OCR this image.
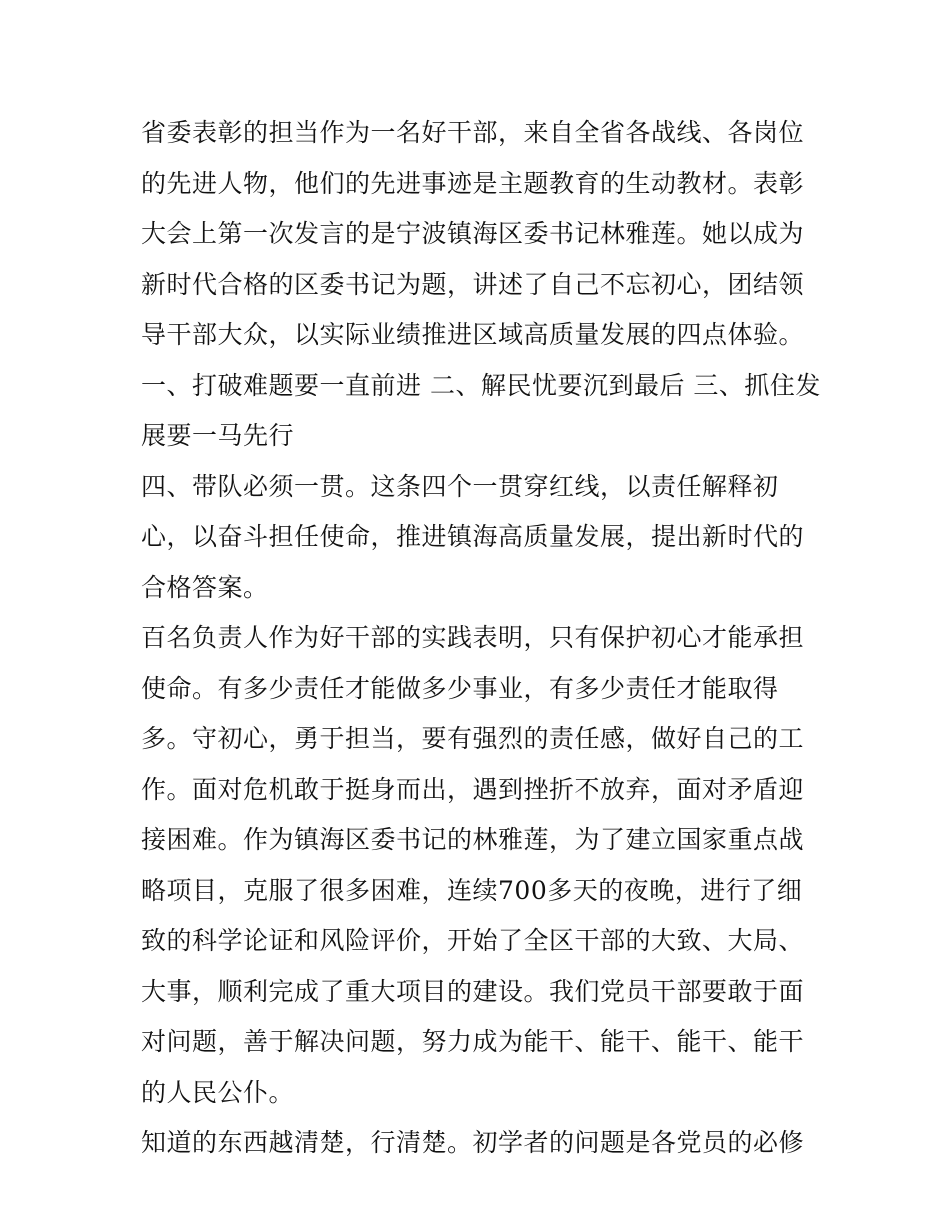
省委表彰的担当作为一名好干部，来自全省各战线、各岗位的先进人物，他们的先进事迹是主题教育的生动教材。表彰大会上第一次发言的是宁波镇海区委书记林雅莲。她以成为新时代合格的区委书记为题，讲述了自己不忘初心，团结领导干部大众，以实际业绩推进区域高质量发展的四点体验。

一、打破难题要一直前进 二、解民忧要沉到最后 三、抓住发展要一马先行

四、带队必须一贯。这条四个一贯穿红线，以责任解释初心，以奋斗担任使命，推进镇海高质量发展，提出新时代的合格答案。

百名负责人作为好干部的实践表明，只有保护初心才能承担使命。有多少责任才能做多少事业，有多少责任才能取得多。守初心，勇于担当，要有强烈的责任感，做好自己的工作。面对危机敢于挺身而出，遇到挫折不放弃，面对矛盾迎接困难。作为镇海区委书记的林雅莲，为了建立国家重点战略项目，克服了很多困难，连续700多天的夜晚，进行了细致的科学论证和风险评价，开始了全区干部的大致、大局、大事，顺利完成了重大项目的建设。我们党员干部要敢于面对问题，善于解决问题，努力成为能干、能干、能干、能干的人民公仆。

知道的东西越清楚，行清楚。初学者的问题是各党员的必修
